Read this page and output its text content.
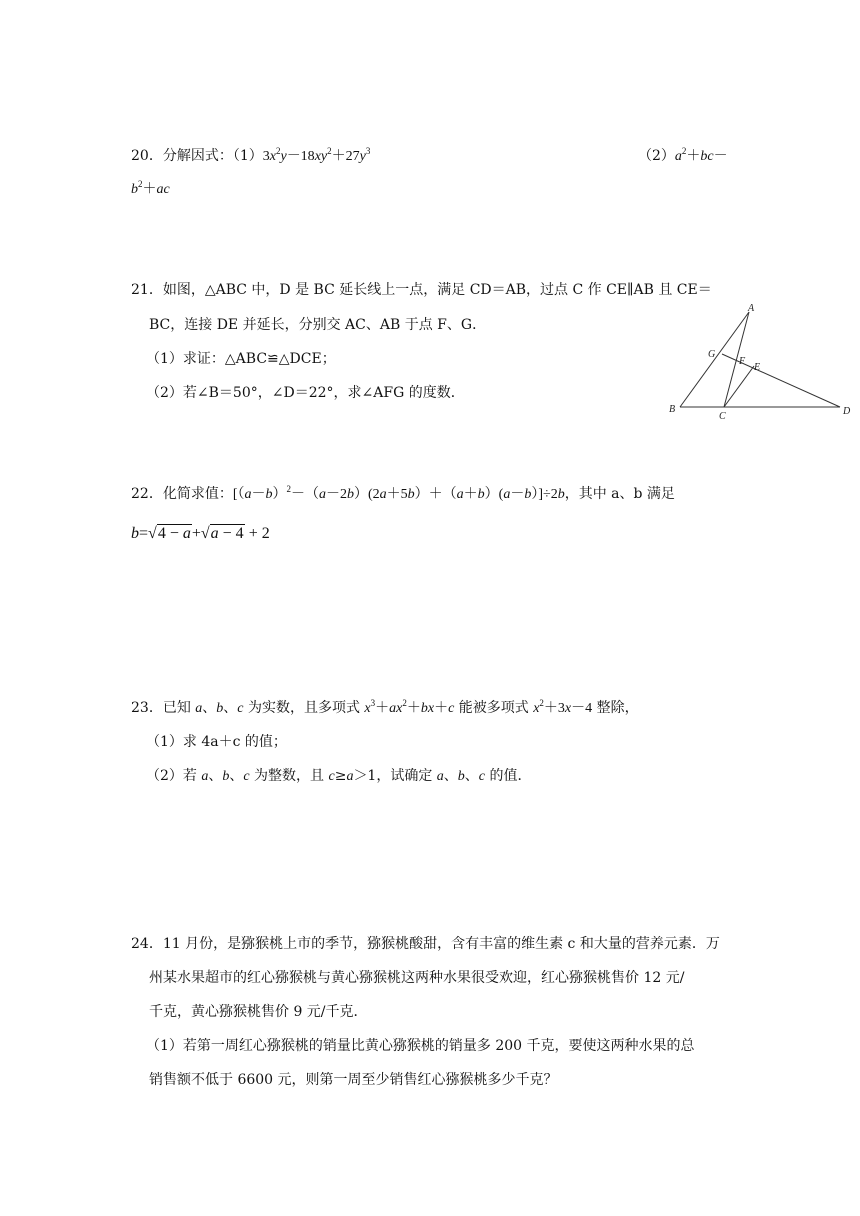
20．分解因式：$(1)3x^2y-18xy^2+27y^3$	$(2)a^2+bc-$
$b^2+ac$
21．如图，△ABC 中，D 是 BC 延长线上一点，满足 CD＝AB，过点 C 作 CE∥AB 且 CE＝
BC，连接 DE 并延长，分别交 AC、AB 于点 F、G．
（1）求证：△ABC≌△DCE；
（2）若∠B＝50°，∠D＝22°，求∠AFG 的度数．
A
B
C	D
E
F
G
22．化简求值：$[(a-b)^2-(a-2b)(2a+5b)+(a+b)(a-b)]\div 2b$，其中 a、b 满足
b=√4 − a+√a − 4 + 2
23．已知 a、b、c 为实数，且多项式 $x^3+ax^2+bx+c$ 能被多项式 $x^2+3x-4$ 整除，
（1）求 4a＋c 的值；
（2）若 a、b、c 为整数，且 c≥a＞1，试确定 a、b、c 的值．
24．11 月份，是猕猴桃上市的季节，猕猴桃酸甜，含有丰富的维生素 c 和大量的营养元素．万
州某水果超市的红心猕猴桃与黄心猕猴桃这两种水果很受欢迎，红心猕猴桃售价 12 元/
千克，黄心猕猴桃售价 9 元/千克．
（1）若第一周红心猕猴桃的销量比黄心猕猴桃的销量多 200 千克，要使这两种水果的总
销售额不低于 6600 元，则第一周至少销售红心猕猴桃多少千克？
